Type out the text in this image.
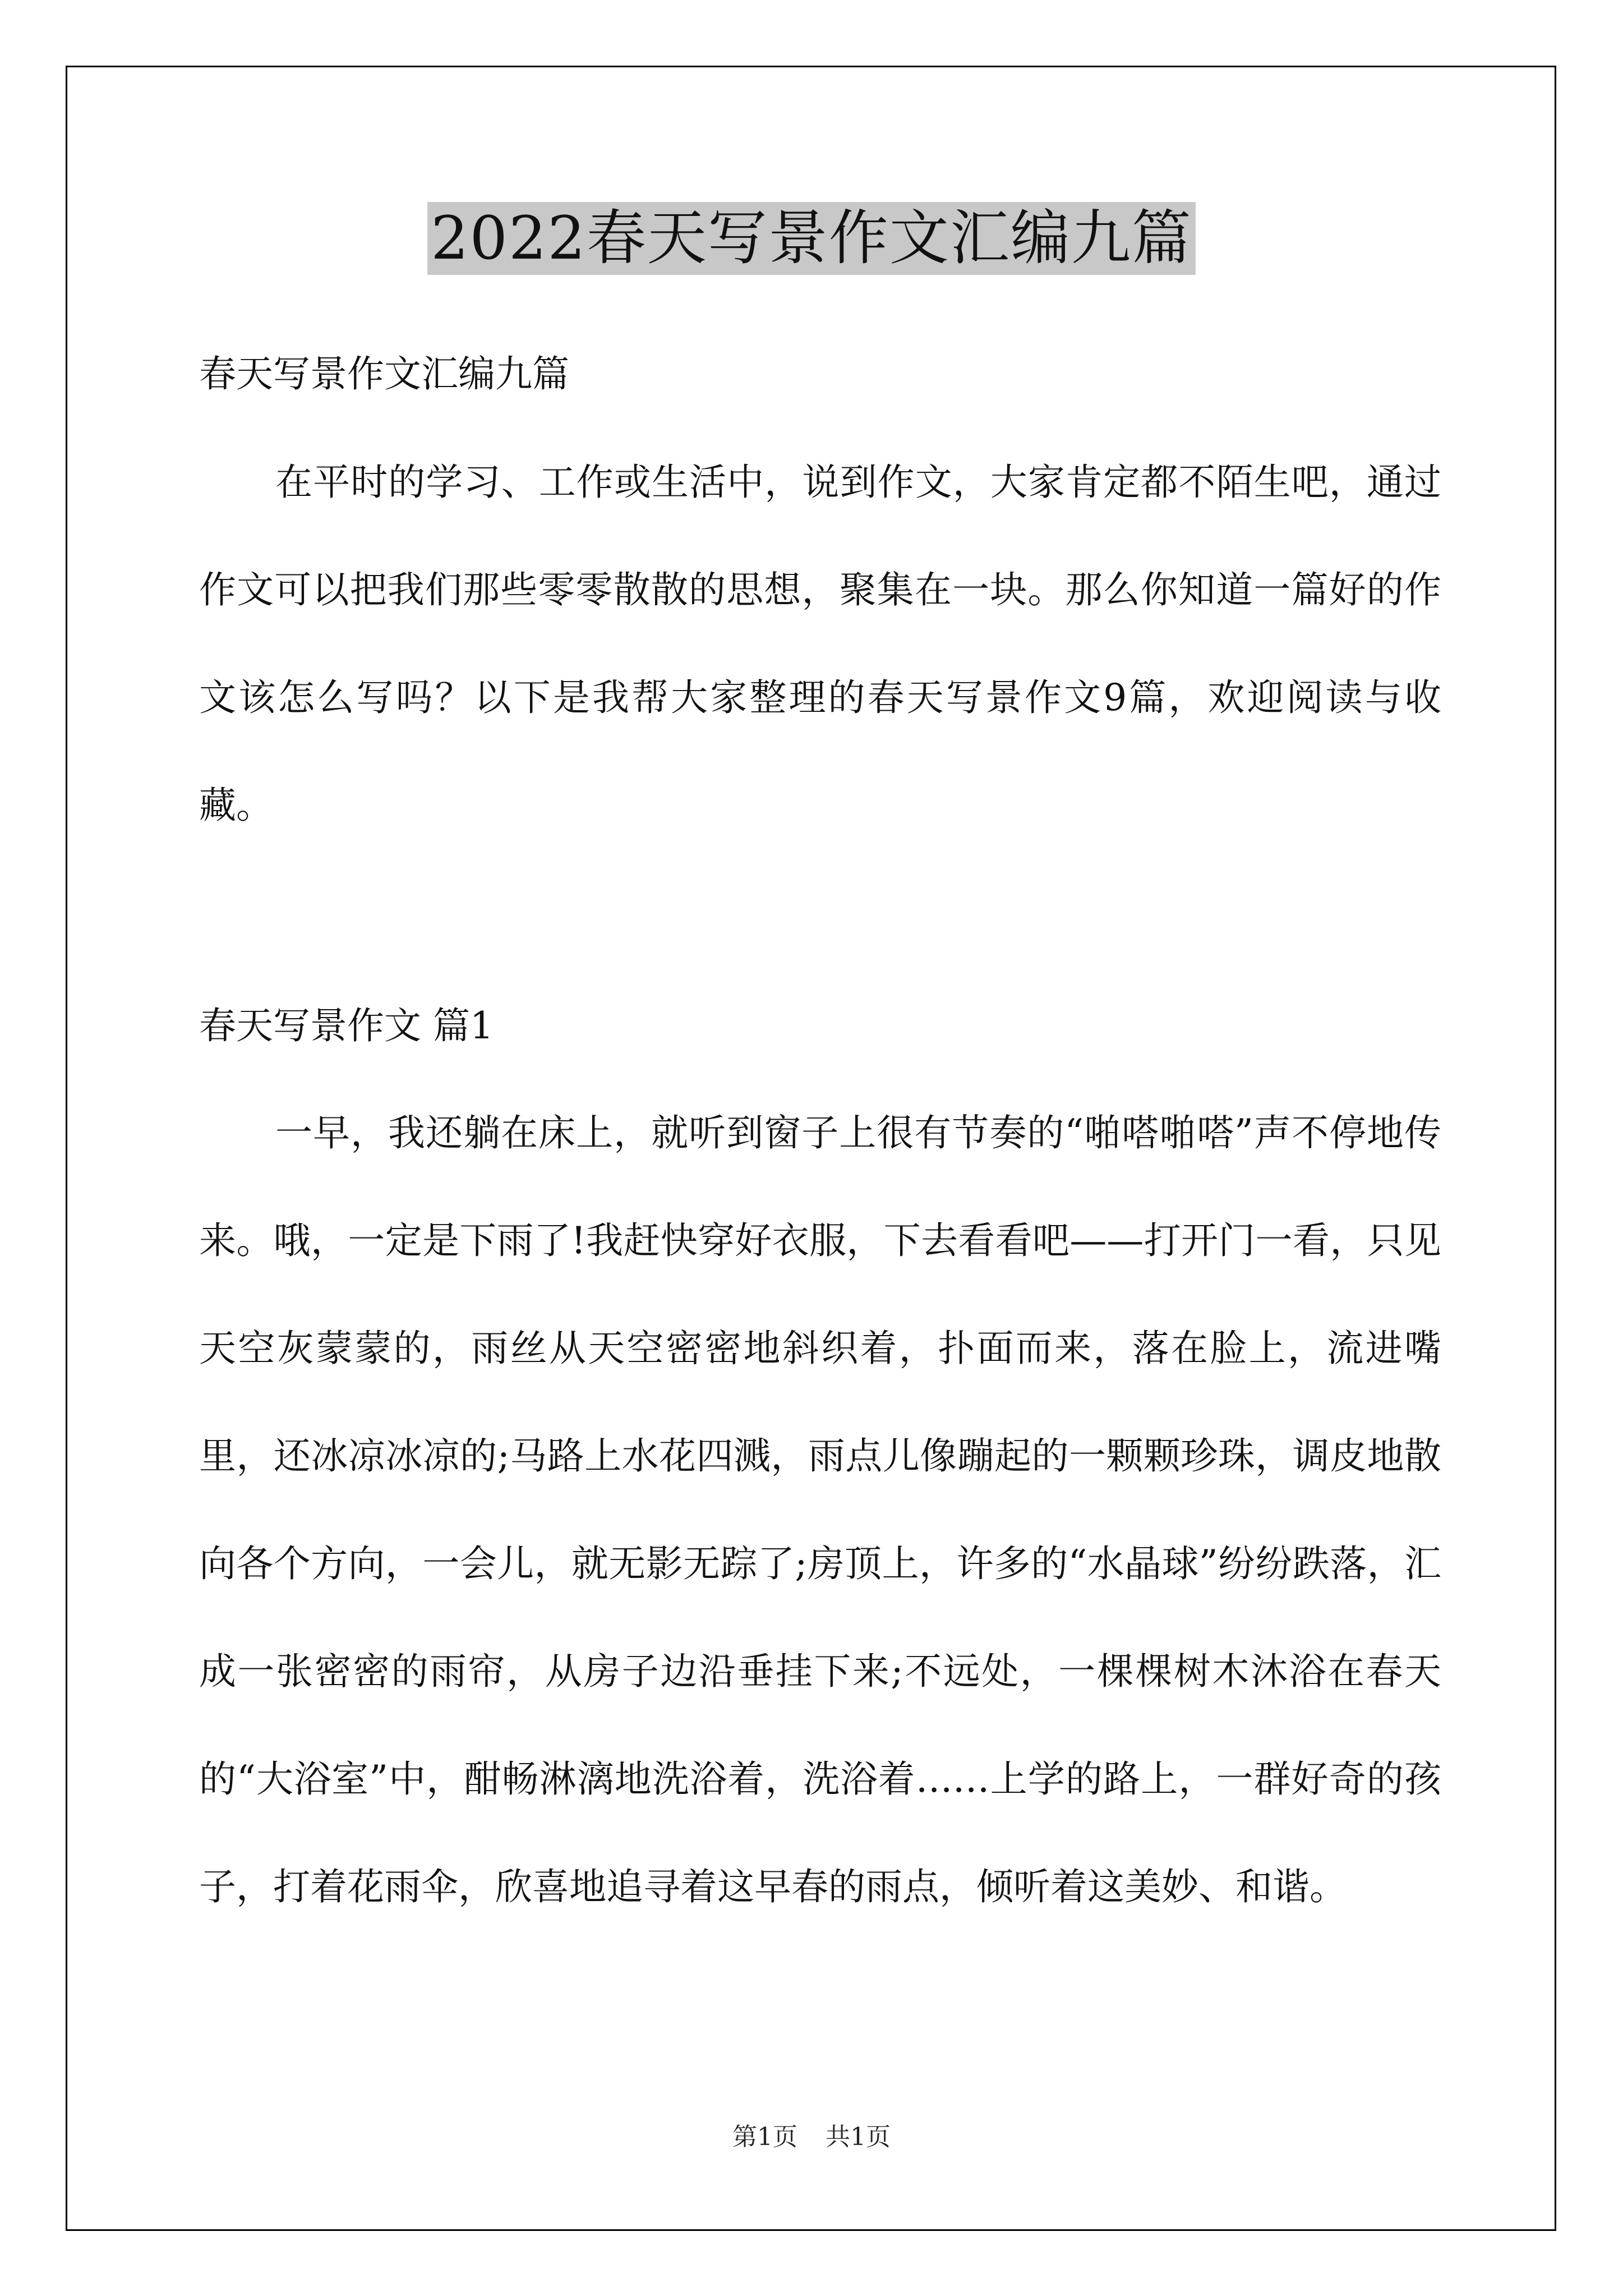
2022春天写景作文汇编九篇

春天写景作文汇编九篇

在平时的学习、工作或生活中，说到作文，大家肯定都不陌生吧，通过作文可以把我们那些零零散散的思想，聚集在一块。那么你知道一篇好的作文该怎么写吗？以下是我帮大家整理的春天写景作文9篇，欢迎阅读与收藏。

春天写景作文 篇1

一早，我还躺在床上，就听到窗子上很有节奏的“啪嗒啪嗒”声不停地传来。哦，一定是下雨了!我赶快穿好衣服，下去看看吧——打开门一看，只见天空灰蒙蒙的，雨丝从天空密密地斜织着，扑面而来，落在脸上，流进嘴里，还冰凉冰凉的;马路上水花四溅，雨点儿像蹦起的一颗颗珍珠，调皮地散向各个方向，一会儿，就无影无踪了;房顶上，许多的“水晶球”纷纷跌落，汇成一张密密的雨帘，从房子边沿垂挂下来;不远处，一棵棵树木沐浴在春天的“大浴室”中，酣畅淋漓地洗浴着，洗浴着……上学的路上，一群好奇的孩子，打着花雨伞，欣喜地追寻着这早春的雨点，倾听着这美妙、和谐。

第1页 共1页
